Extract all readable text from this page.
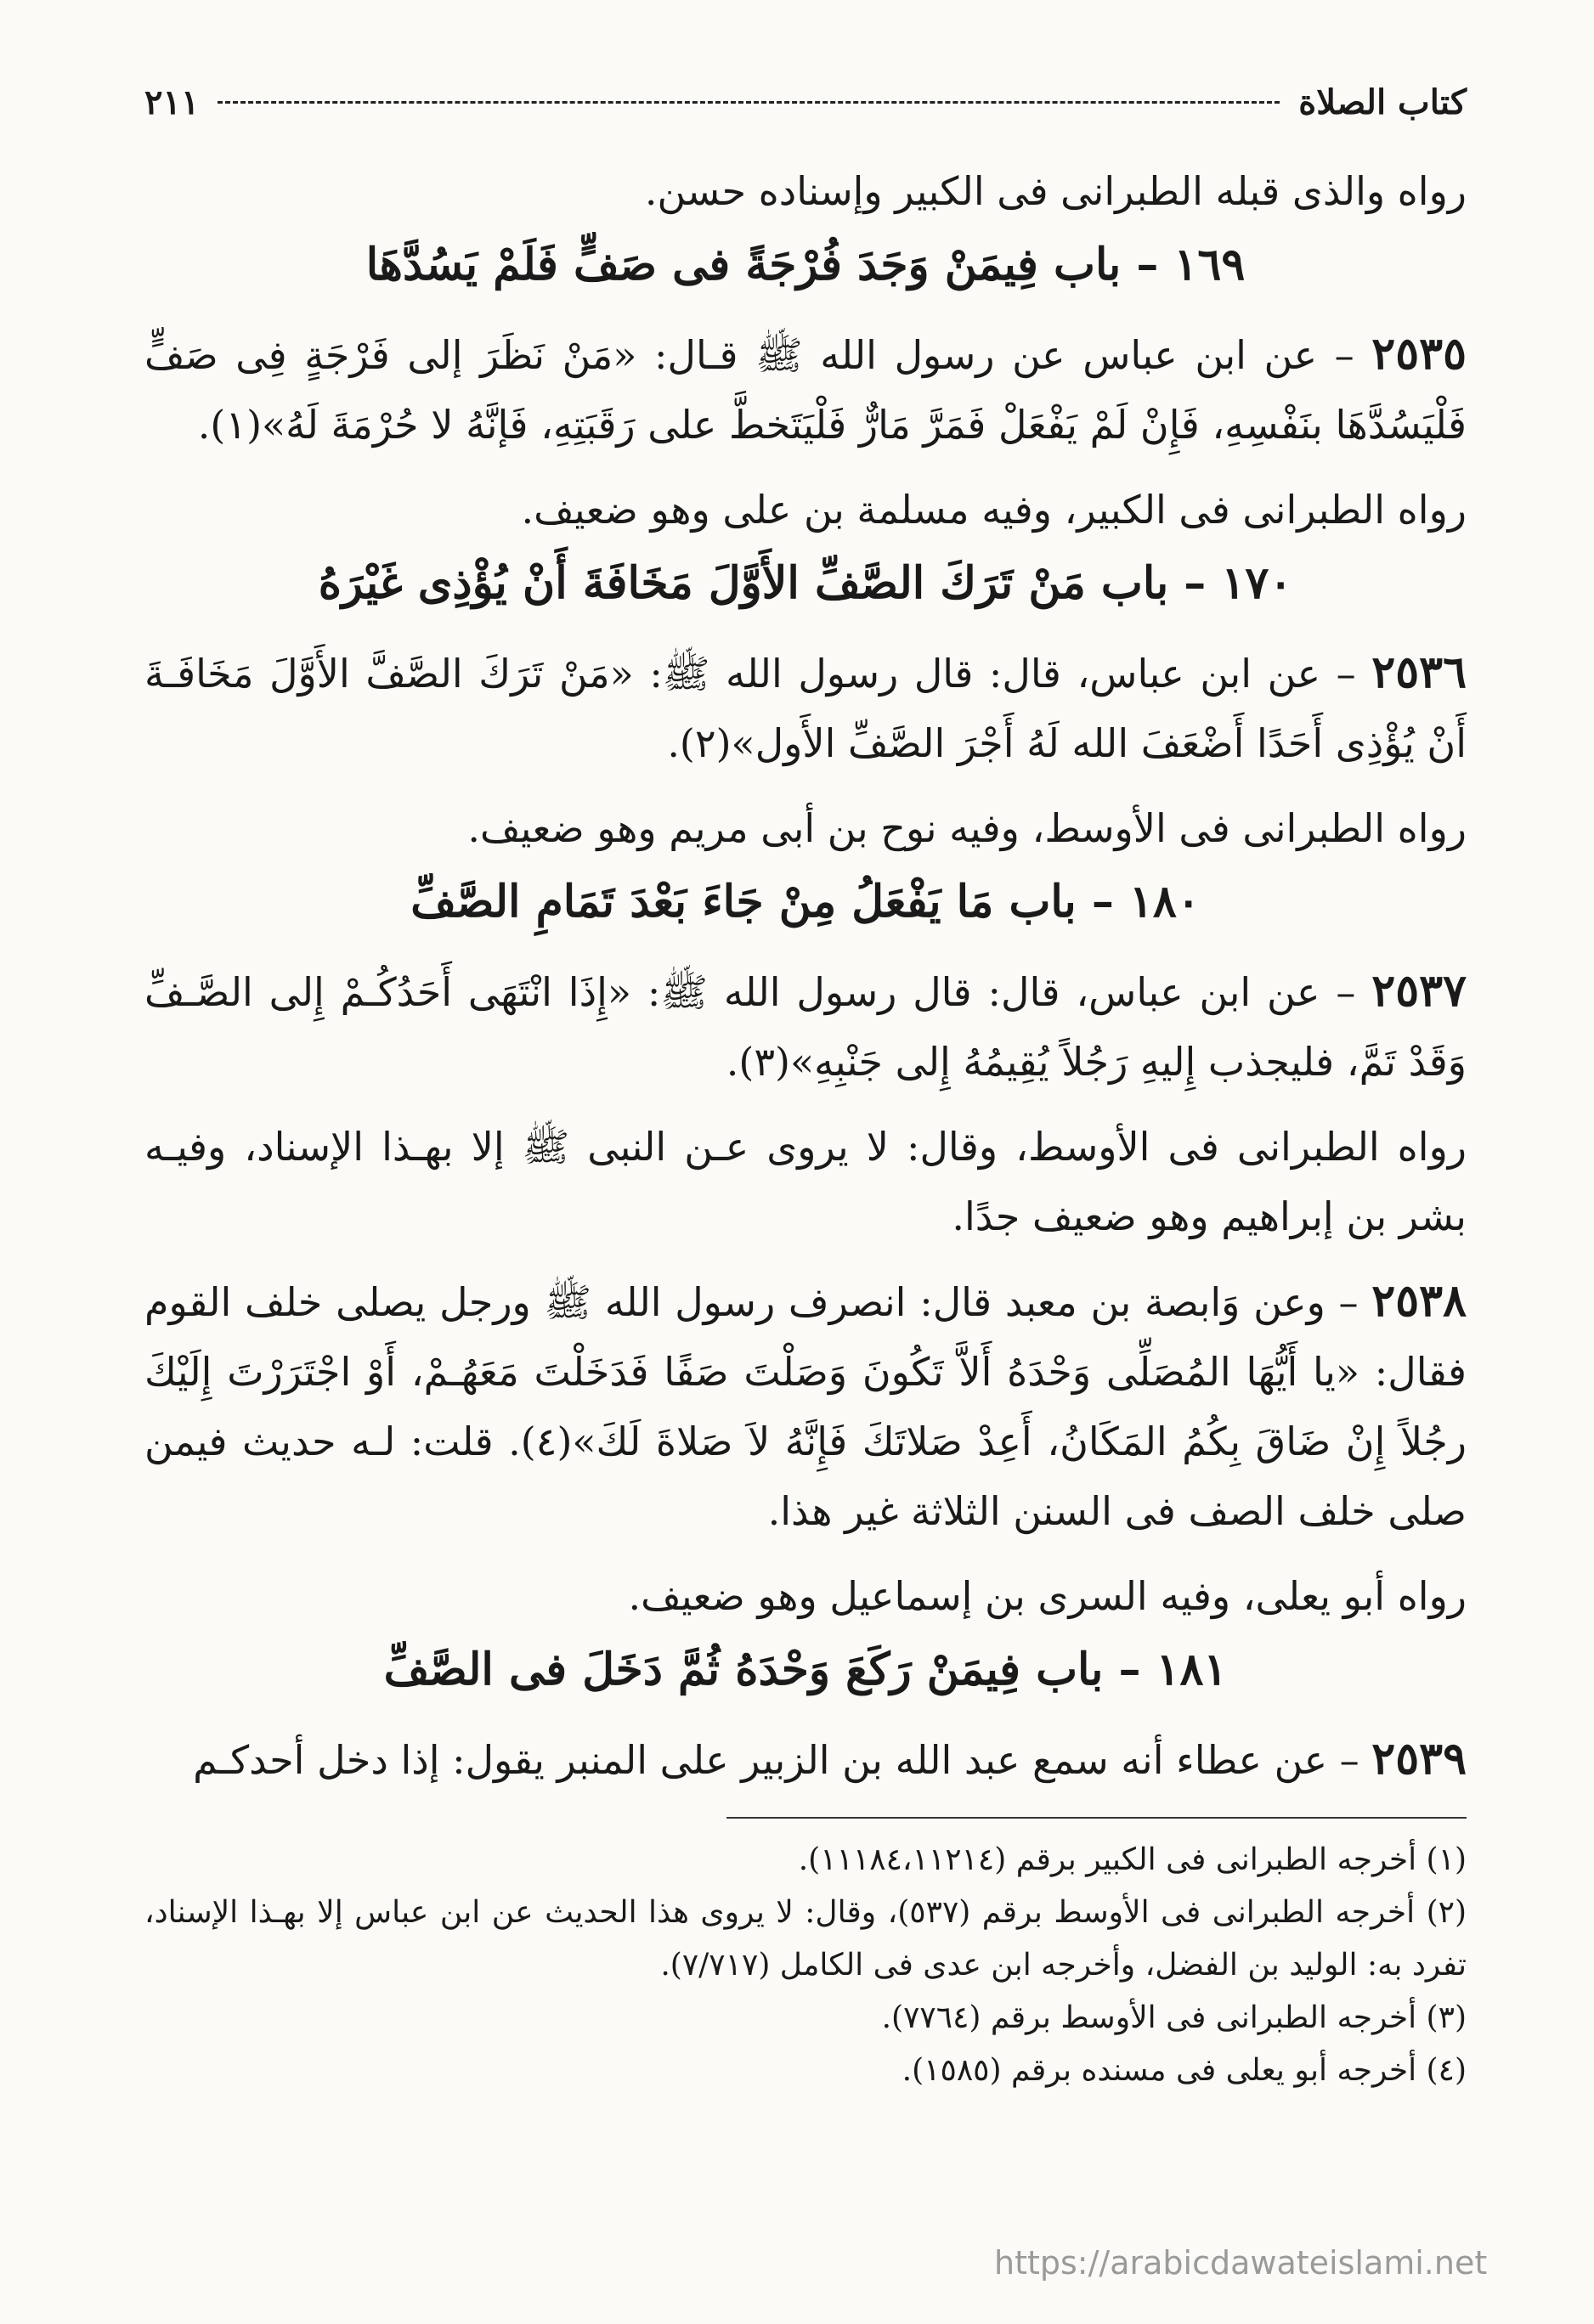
كتاب الصلاة
٢١١

رواه والذى قبله الطبرانى فى الكبير وإسناده حسن.

١٦٩ – باب فِيمَنْ وَجَدَ فُرْجَةً فى صَفٍّ فَلَمْ يَسُدَّهَا

٢٥٣٥ – عن ابن عباس عن رسول الله ﷺ قـال: «مَنْ نَظَرَ إلى فَرْجَةٍ فِى صَفٍّ فَلْيَسُدَّهَا بنَفْسِهِ، فَإِنْ لَمْ يَفْعَلْ فَمَرَّ مَارٌّ فَلْيَتَخطَّ على رَقَبَتِهِ، فَإنَّهُ لا حُرْمَةَ لَهُ»(١).

رواه الطبرانى فى الكبير، وفيه مسلمة بن على وهو ضعيف.

١٧٠ – باب مَنْ تَرَكَ الصَّفِّ الأَوَّلَ مَخَافَةَ أَنْ يُؤْذِى غَيْرَهُ

٢٥٣٦ – عن ابن عباس، قال: قال رسول الله ﷺ: «مَنْ تَرَكَ الصَّفَّ الأَوَّلَ مَخَافَـةَ أَنْ يُؤْذِى أَحَدًا أَضْعَفَ الله لَهُ أَجْرَ الصَّفِّ الأَول»(٢).

رواه الطبرانى فى الأوسط، وفيه نوح بن أبى مريم وهو ضعيف.

١٨٠ – باب مَا يَفْعَلُ مِنْ جَاءَ بَعْدَ تَمَامِ الصَّفِّ

٢٥٣٧ – عن ابن عباس، قال: قال رسول الله ﷺ: «إِذَا انْتَهَى أَحَدُكُـمْ إِلى الصَّـفِّ وَقَدْ تَمَّ، فليجذب إِليهِ رَجُلاً يُقِيمُهُ إِلى جَنْبِهِ»(٣).

رواه الطبرانى فى الأوسط، وقال: لا يروى عـن النبى ﷺ إلا بهـذا الإسناد، وفيـه بشر بن إبراهيم وهو ضعيف جدًا.

٢٥٣٨ – وعن وَابصة بن معبد قال: انصرف رسول الله ﷺ ورجل يصلى خلف القوم فقال: «يا أَيُّهَا المُصَلِّى وَحْدَهُ أَلاَّ تَكُونَ وَصَلْتَ صَفًا فَدَخَلْتَ مَعَهُـمْ، أَوْ اجْتَرَرْتَ إِلَيْكَ رجُلاً إِنْ ضَاقَ بِكُمُ المَكَانُ، أَعِدْ صَلاتَكَ فَإِنَّهُ لاَ صَلاةَ لَكَ»(٤). قلت: لـه حديث فيمن صلى خلف الصف فى السنن الثلاثة غير هذا.

رواه أبو يعلى، وفيه السرى بن إسماعيل وهو ضعيف.

١٨١ – باب فِيمَنْ رَكَعَ وَحْدَهُ ثُمَّ دَخَلَ فى الصَّفِّ

٢٥٣٩ – عن عطاء أنه سمع عبد الله بن الزبير على المنبر يقول: إذا دخل أحدكـم

(١) أخرجه الطبرانى فى الكبير برقم (١١١٨٤،١١٢١٤).

(٢) أخرجه الطبرانى فى الأوسط برقم (٥٣٧)، وقال: لا يروى هذا الحديث عن ابن عباس إلا بهـذا الإسناد، تفرد به: الوليد بن الفضل، وأخرجه ابن عدى فى الكامل (٧/٧١٧).

(٣) أخرجه الطبرانى فى الأوسط برقم (٧٧٦٤).

(٤) أخرجه أبو يعلى فى مسنده برقم (١٥٨٥).

https://arabicdawateislami.net
